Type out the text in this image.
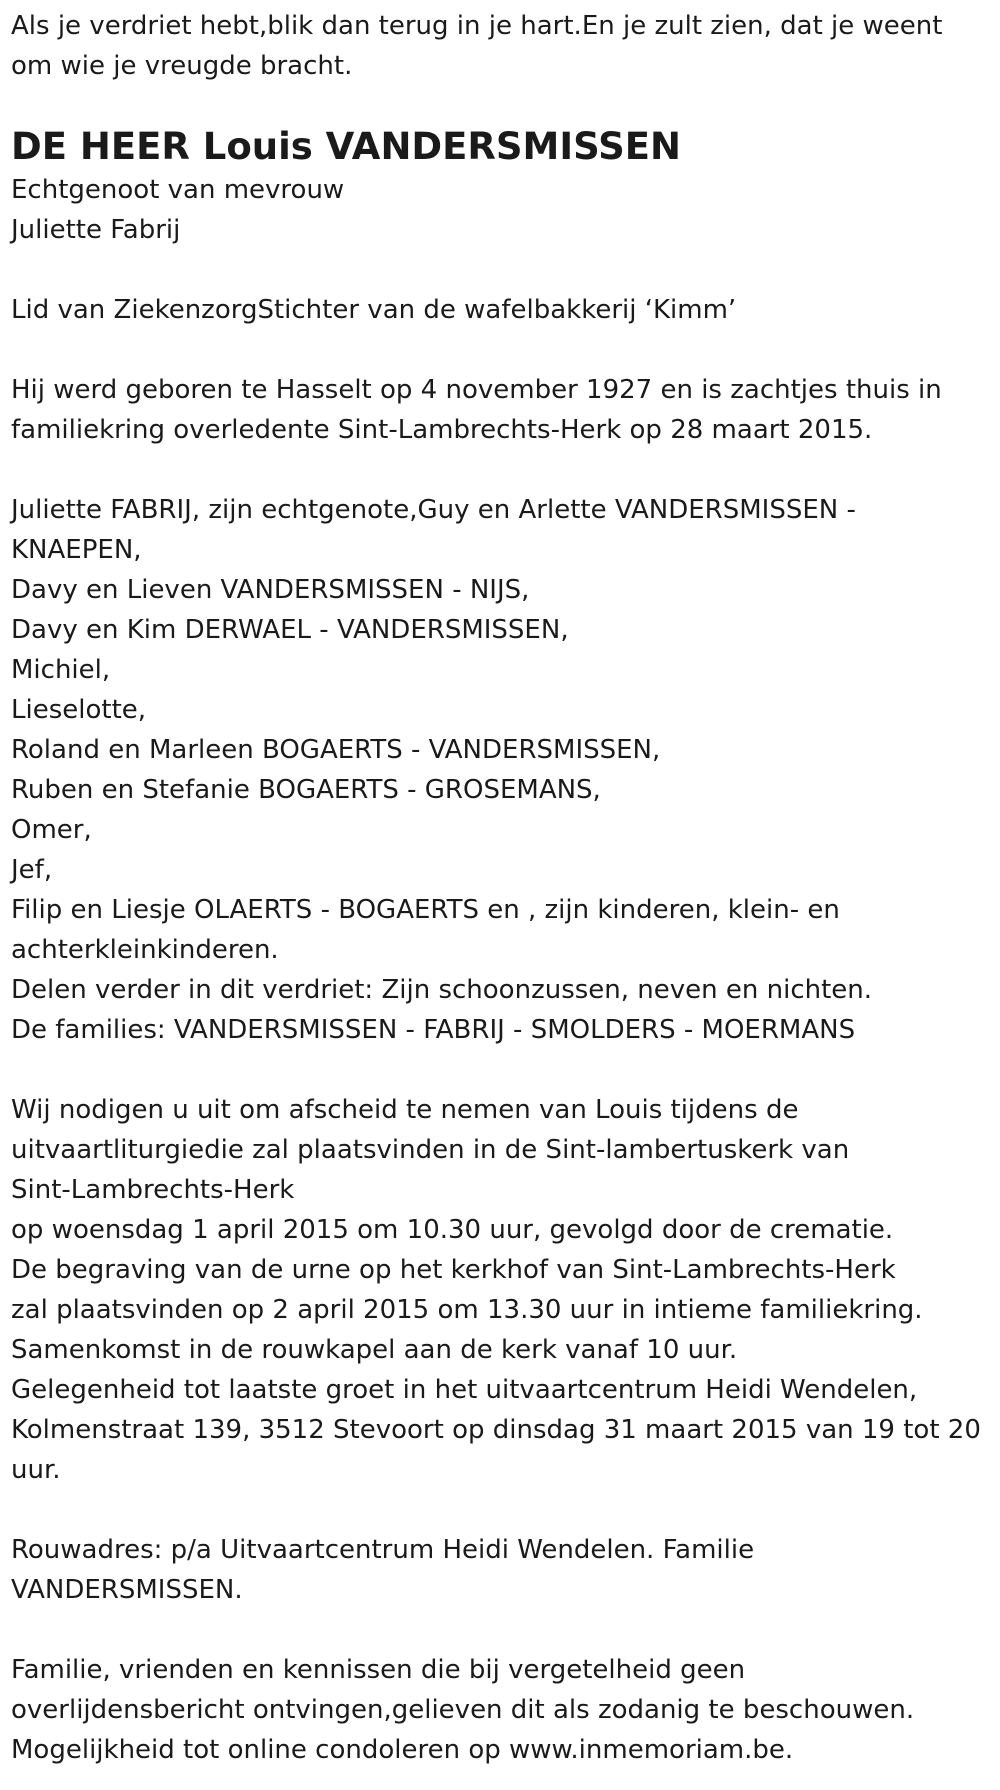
Als je verdriet hebt,blik dan terug in je hart.En je zult zien, dat je weent
om wie je vreugde bracht.
DE HEER Louis VANDERSMISSEN
Echtgenoot van mevrouw
Juliette Fabrij
Lid van ZiekenzorgStichter van de wafelbakkerij ‘Kimm’
Hij werd geboren te Hasselt op 4 november 1927 en is zachtjes thuis in
familiekring overledente Sint-Lambrechts-Herk op 28 maart 2015.
Juliette FABRIJ, zijn echtgenote,Guy en Arlette VANDERSMISSEN -
KNAEPEN,
Davy en Lieven VANDERSMISSEN - NIJS,
Davy en Kim DERWAEL - VANDERSMISSEN,
Michiel,
Lieselotte,
Roland en Marleen BOGAERTS - VANDERSMISSEN,
Ruben en Stefanie BOGAERTS - GROSEMANS,
Omer,
Jef,
Filip en Liesje OLAERTS - BOGAERTS en , zijn kinderen, klein- en
achterkleinkinderen.
Delen verder in dit verdriet: Zijn schoonzussen, neven en nichten.
De families: VANDERSMISSEN - FABRIJ - SMOLDERS - MOERMANS
Wij nodigen u uit om afscheid te nemen van Louis tijdens de
uitvaartliturgiedie zal plaatsvinden in de Sint-lambertuskerk van
Sint-Lambrechts-Herk
op woensdag 1 april 2015 om 10.30 uur, gevolgd door de crematie.
De begraving van de urne op het kerkhof van Sint-Lambrechts-Herk
zal plaatsvinden op 2 april 2015 om 13.30 uur in intieme familiekring.
Samenkomst in de rouwkapel aan de kerk vanaf 10 uur.
Gelegenheid tot laatste groet in het uitvaartcentrum Heidi Wendelen,
Kolmenstraat 139, 3512 Stevoort op dinsdag 31 maart 2015 van 19 tot 20
uur.
Rouwadres: p/a Uitvaartcentrum Heidi Wendelen. Familie
VANDERSMISSEN.
Familie, vrienden en kennissen die bij vergetelheid geen
overlijdensbericht ontvingen,gelieven dit als zodanig te beschouwen.
Mogelijkheid tot online condoleren op www.inmemoriam.be.
